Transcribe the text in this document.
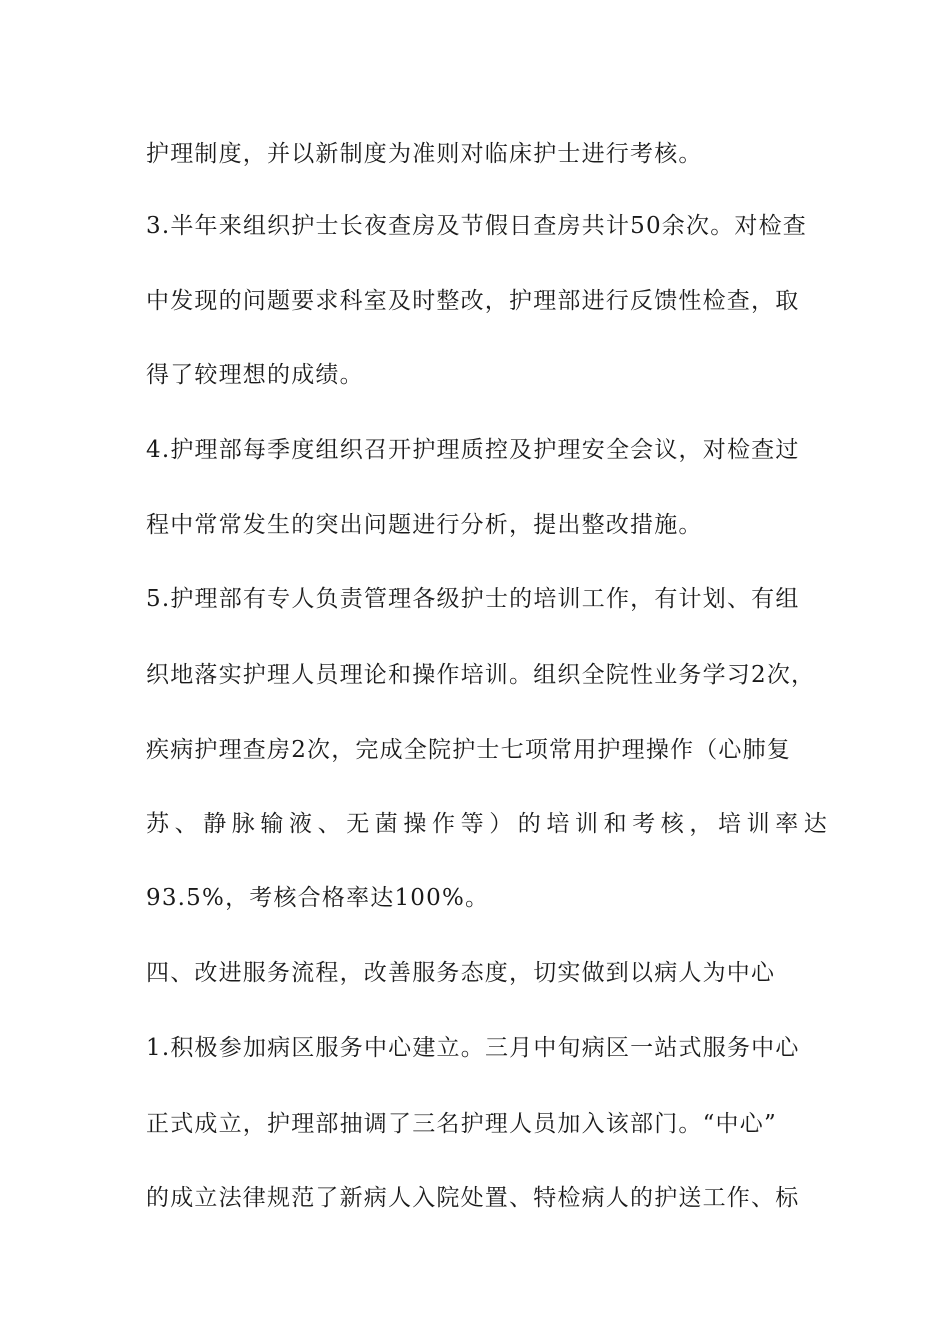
护理制度，并以新制度为准则对临床护士进行考核。
3.半年来组织护士长夜查房及节假日查房共计50余次。对检查
中发现的问题要求科室及时整改，护理部进行反馈性检查，取
得了较理想的成绩。
4.护理部每季度组织召开护理质控及护理安全会议，对检查过
程中常常发生的突出问题进行分析，提出整改措施。
5.护理部有专人负责管理各级护士的培训工作，有计划、有组
织地落实护理人员理论和操作培训。组织全院性业务学习2次，
疾病护理查房2次，完成全院护士七项常用护理操作（心肺复
苏、静脉输液、无菌操作等）的培训和考核，培训率达
93.5%，考核合格率达100%。
四、改进服务流程，改善服务态度，切实做到以病人为中心
1.积极参加病区服务中心建立。三月中旬病区一站式服务中心
正式成立，护理部抽调了三名护理人员加入该部门。“中心”
的成立法律规范了新病人入院处置、特检病人的护送工作、标
